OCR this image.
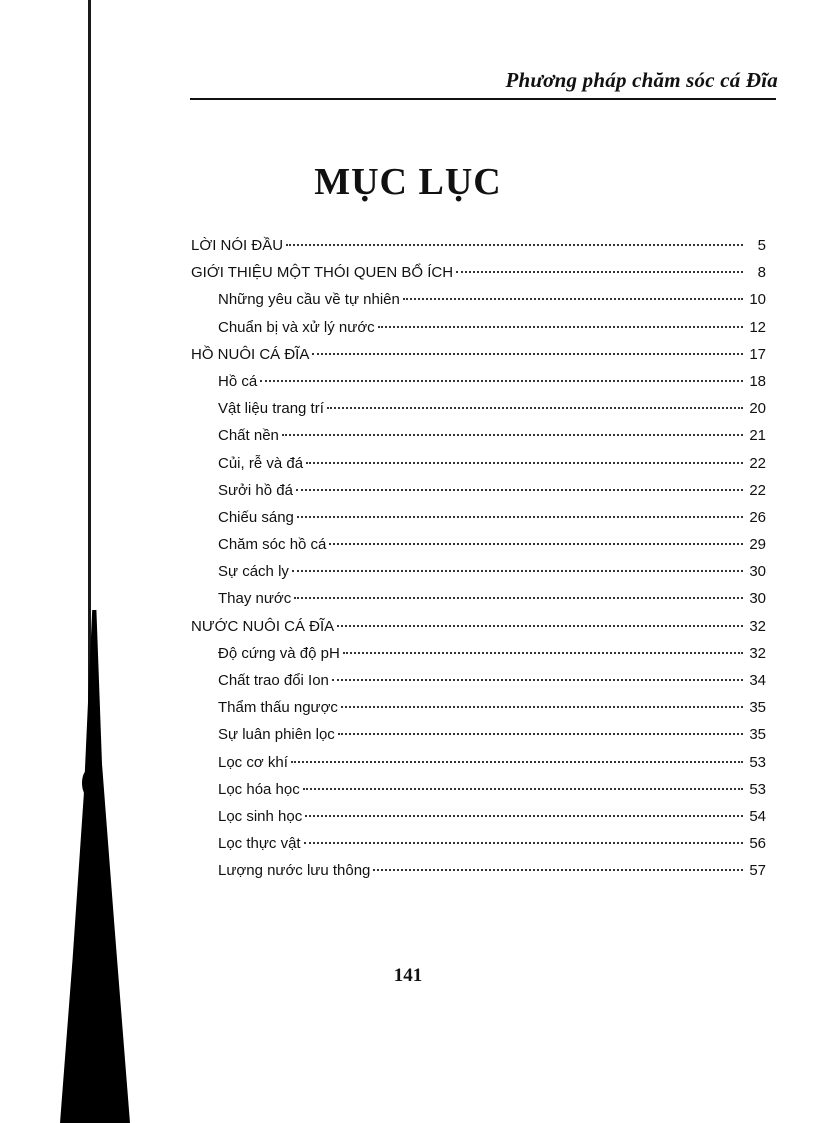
Phương pháp chăm sóc cá Đĩa
MỤC LỤC
LỜI NÓI ĐẦU	5
GIỚI THIỆU MỘT THÓI QUEN BỔ ÍCH	8
Những yêu cầu về tự nhiên	10
Chuẩn bị và xử lý nước	12
HỒ NUÔI CÁ ĐĨA	17
Hồ cá	18
Vật liệu trang trí	20
Chất nền	21
Củi, rễ và đá	22
Sưởi hồ đá	22
Chiếu sáng	26
Chăm sóc hồ cá	29
Sự cách ly	30
Thay nước	30
NƯỚC NUÔI CÁ ĐĨA	32
Độ cứng và độ pH	32
Chất trao đổi Ion	34
Thẩm thấu ngược	35
Sự luân phiên lọc	35
Lọc cơ khí	53
Lọc hóa học	53
Lọc sinh học	54
Lọc thực vật	56
Lượng nước lưu thông	57
141
